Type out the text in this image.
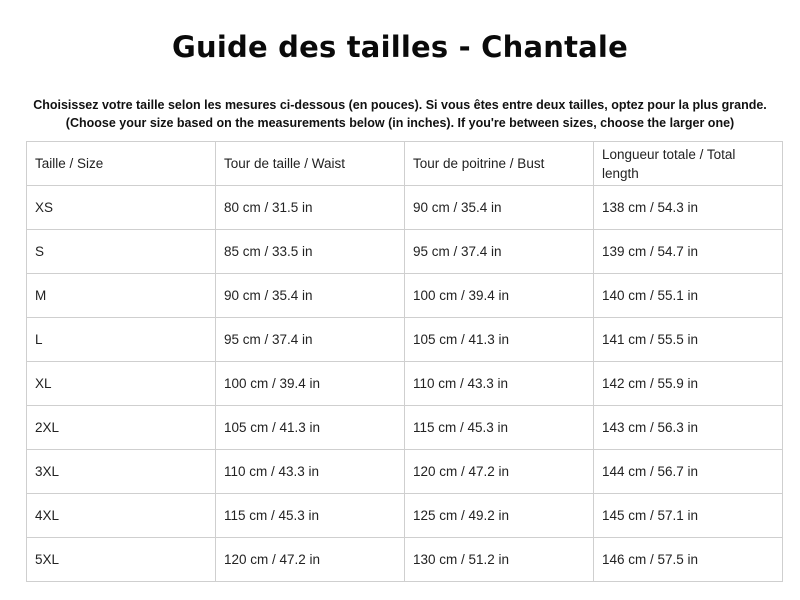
Guide des tailles - Chantale
Choisissez votre taille selon les mesures ci-dessous (en pouces). Si vous êtes entre deux tailles, optez pour la plus grande.
(Choose your size based on the measurements below (in inches). If you're between sizes, choose the larger one)
Taille / Size	Tour de taille / Waist	Tour de poitrine / Bust	Longueur totale / Total length
XS	80 cm / 31.5 in	90 cm / 35.4 in	138 cm / 54.3 in
S	85 cm / 33.5 in	95 cm / 37.4 in	139 cm / 54.7 in
M	90 cm / 35.4 in	100 cm / 39.4 in	140 cm / 55.1 in
L	95 cm / 37.4 in	105 cm / 41.3 in	141 cm / 55.5 in
XL	100 cm / 39.4 in	110 cm / 43.3 in	142 cm / 55.9 in
2XL	105 cm / 41.3 in	115 cm / 45.3 in	143 cm / 56.3 in
3XL	110 cm / 43.3 in	120 cm / 47.2 in	144 cm / 56.7 in
4XL	115 cm / 45.3 in	125 cm / 49.2 in	145 cm / 57.1 in
5XL	120 cm / 47.2 in	130 cm / 51.2 in	146 cm / 57.5 in
